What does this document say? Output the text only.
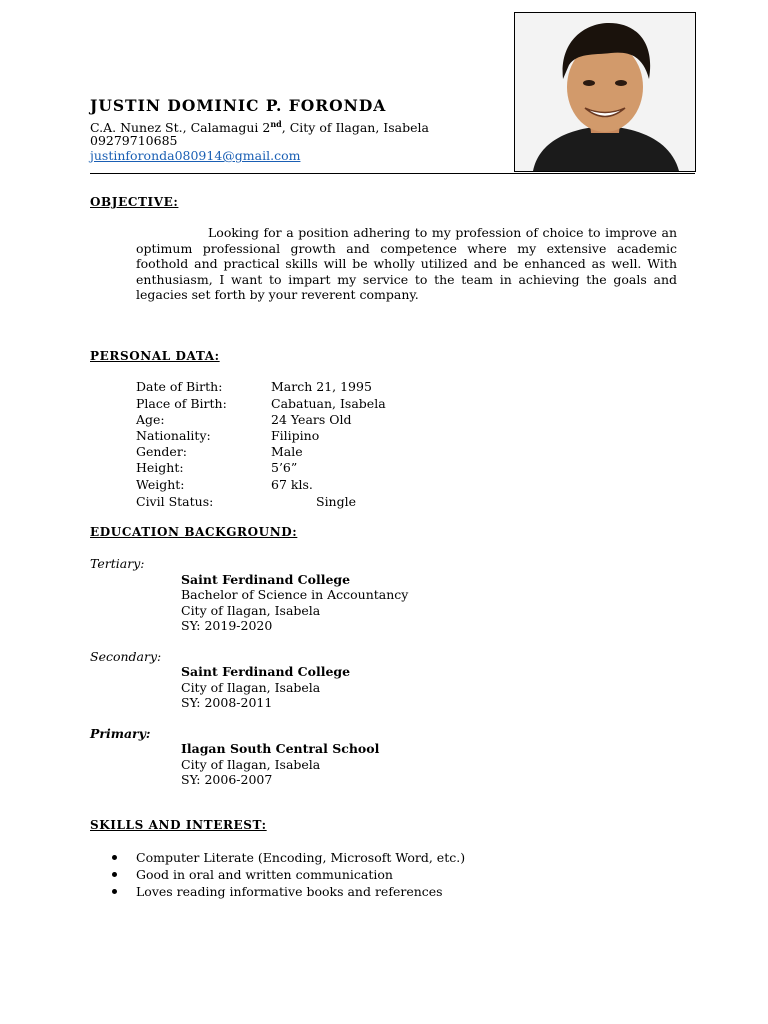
JUSTIN DOMINIC P. FORONDA
C.A. Nunez St., Calamagui 2nd, City of Ilagan, Isabela
09279710685
justinforonda080914@gmail.com
OBJECTIVE:

Looking for a position adhering to my profession of choice to improve an optimum professional growth and competence where my extensive academic foothold and practical skills will be wholly utilized and be enhanced as well. With enthusiasm, I want to impart my service to the team in achieving the goals and legacies set forth by your reverent company.

PERSONAL DATA:
Date of Birth:	March 21, 1995
Place of Birth:	Cabatuan, Isabela
Age:	24 Years Old
Nationality:	Filipino
Gender:	Male
Height:	5’6”
Weight:	67 kls.
Civil Status:	Single
EDUCATION BACKGROUND:
Tertiary:
Saint Ferdinand College
Bachelor of Science in Accountancy
City of Ilagan, Isabela
SY: 2019-2020
Secondary:
Saint Ferdinand College
City of Ilagan, Isabela
SY: 2008-2011
Primary:
Ilagan South Central School
City of Ilagan, Isabela
SY: 2006-2007
SKILLS AND INTEREST:
Computer Literate (Encoding, Microsoft Word, etc.)
Good in oral and written communication
Loves reading informative books and references
